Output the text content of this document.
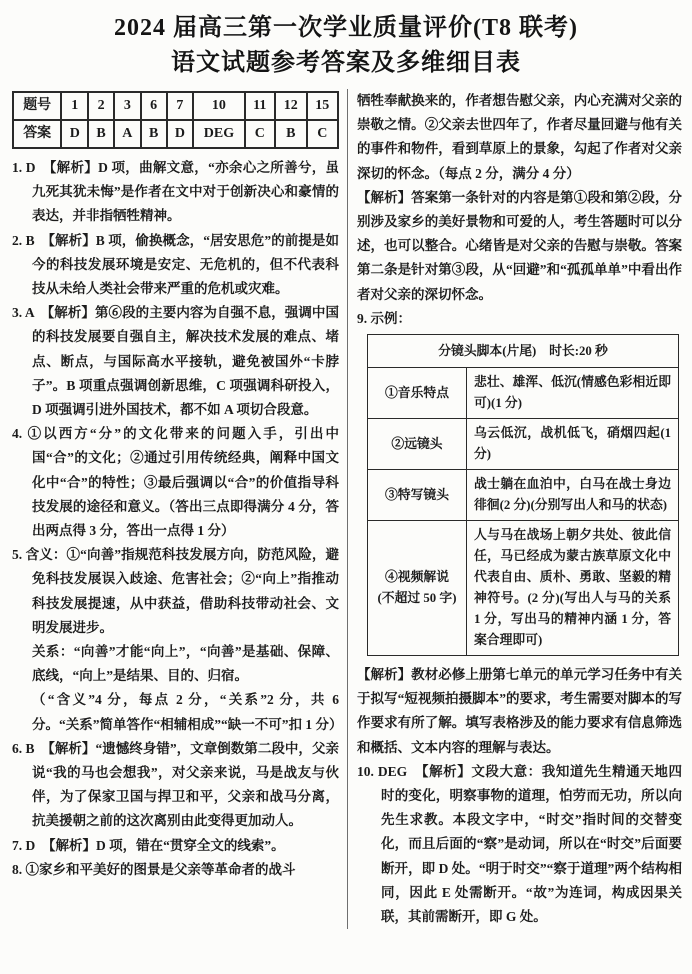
2024 届高三第一次学业质量评价(T8 联考)
语文试题参考答案及多维细目表
题号	1	2	3	6	7	10	11	12	15
答案	D	B	A	B	D	DEG	C	B	C

1. D　【解析】D 项，曲解文意，“亦余心之所善兮，虽九死其犹未悔”是作者在文中对于创新决心和豪情的表达，并非指牺牲精神。

2. B　【解析】B 项，偷换概念，“居安思危”的前提是如今的科技发展环境是安定、无危机的，但不代表科技从未给人类社会带来严重的危机或灾难。

3. A　【解析】第⑥段的主要内容为自强不息，强调中国的科技发展要自强自主，解决技术发展的难点、堵点、断点，与国际高水平接轨，避免被国外“卡脖子”。B 项重点强调创新思维，C 项强调科研投入，D 项强调引进外国技术，都不如 A 项切合段意。

4. ①以西方“分”的文化带来的问题入手，引出中国“合”的文化；②通过引用传统经典，阐释中国文化中“合”的特性；③最后强调以“合”的价值指导科技发展的途径和意义。（答出三点即得满分 4 分，答出两点得 3 分，答出一点得 1 分）

5. 含义：①“向善”指规范科技发展方向，防范风险，避免科技发展误入歧途、危害社会；②“向上”指推动科技发展提速，从中获益，借助科技带动社会、文明发展进步。

关系：“向善”才能“向上”，“向善”是基础、保障、底线，“向上”是结果、目的、归宿。

（“含义”4 分，每点 2 分，“关系”2 分，共 6 分。“关系”简单答作“相辅相成”“缺一不可”扣 1 分）

6. B　【解析】“遗憾终身错”，文章倒数第二段中，父亲说“我的马也会想我”，对父亲来说，马是战友与伙伴，为了保家卫国与捍卫和平，父亲和战马分离，抗美援朝之前的这次离别由此变得更加动人。

7. D　【解析】D 项，错在“贯穿全文的线索”。

8. ①家乡和平美好的图景是父亲等革命者的战斗

牺牲奉献换来的，作者想告慰父亲，内心充满对父亲的崇敬之情。②父亲去世四年了，作者尽量回避与他有关的事件和物件，看到草原上的景象，勾起了作者对父亲深切的怀念。（每点 2 分，满分 4 分）

【解析】答案第一条针对的内容是第①段和第②段，分别涉及家乡的美好景物和可爱的人，考生答题时可以分述，也可以整合。心绪皆是对父亲的告慰与崇敬。答案第二条是针对第③段，从“回避”和“孤孤单单”中看出作者对父亲的深切怀念。

9. 示例：

分镜头脚本(片尾)　时长:20 秒	
①音乐特点	悲壮、雄浑、低沉(情感色彩相近即可)(1 分)
②远镜头	乌云低沉，战机低飞，硝烟四起(1 分)
③特写镜头	战士躺在血泊中，白马在战士身边徘徊(2 分)(分别写出人和马的状态)
④视频解说 (不超过 50 字)	人与马在战场上朝夕共处、彼此信任，马已经成为蒙古族草原文化中代表自由、质朴、勇敢、坚毅的精神符号。(2 分)(写出人与马的关系 1 分，写出马的精神内涵 1 分，答案合理即可)

【解析】教材必修上册第七单元的单元学习任务中有关于拟写“短视频拍摄脚本”的要求，考生需要对脚本的写作要求有所了解。填写表格涉及的能力要求有信息筛选和概括、文本内容的理解与表达。

10. DEG　【解析】文段大意：我知道先生精通天地四时的变化，明察事物的道理，怕劳而无功，所以向先生求教。本段文字中，“时交”指时间的交替变化，而且后面的“察”是动词，所以在“时交”后面要断开，即 D 处。“明于时交”“察于道理”两个结构相同，因此 E 处需断开。“故”为连词，构成因果关联，其前需断开，即 G 处。
